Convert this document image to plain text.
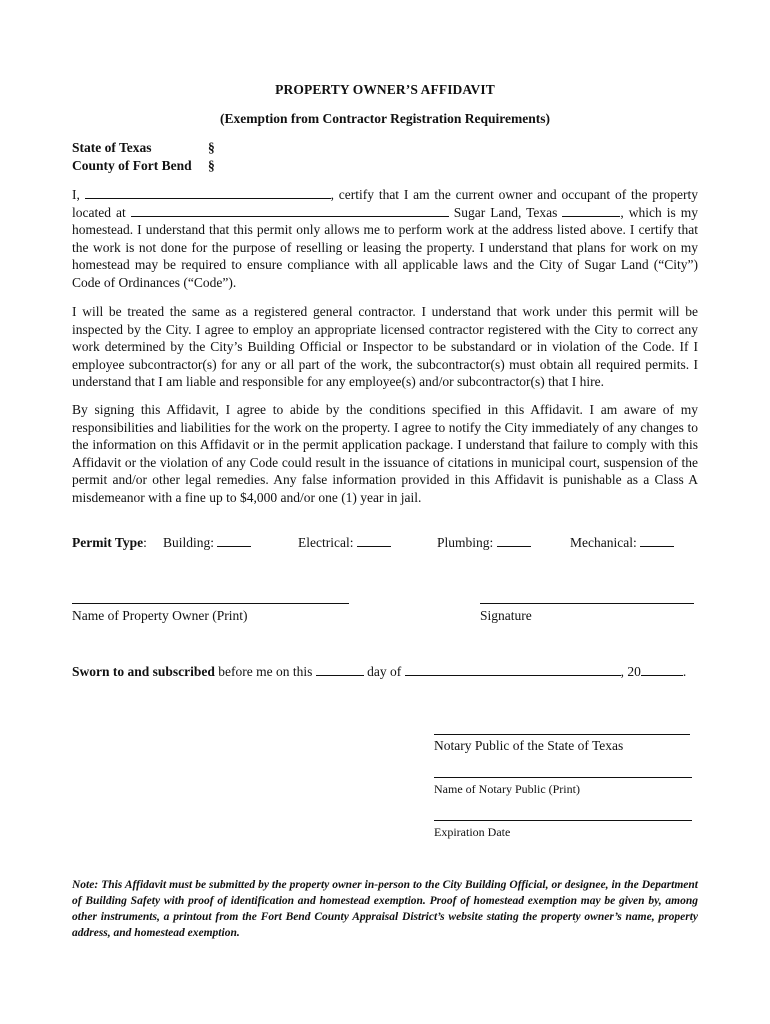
PROPERTY OWNER’S AFFIDAVIT
(Exemption from Contractor Registration Requirements)
State of Texas	§
County of Fort Bend §
I,	, certify that I am the current owner and occupant of the property located at	Sugar Land, Texas	, which is my homestead. I understand that this permit only allows me to perform work at the address listed above. I certify that the work is not done for the purpose of reselling or leasing the property. I understand that plans for work on my homestead may be required to ensure compliance with all applicable laws and the City of Sugar Land (“City”) Code of Ordinances (“Code”).
I will be treated the same as a registered general contractor. I understand that work under this permit will be inspected by the City. I agree to employ an appropriate licensed contractor registered with the City to correct any work determined by the City’s Building Official or Inspector to be substandard or in violation of the Code. If I employee subcontractor(s) for any or all part of the work, the subcontractor(s) must obtain all required permits. I understand that I am liable and responsible for any employee(s) and/or subcontractor(s) that I hire.
By signing this Affidavit, I agree to abide by the conditions specified in this Affidavit. I am aware of my responsibilities and liabilities for the work on the property. I agree to notify the City immediately of any changes to the information on this Affidavit or in the permit application package. I understand that failure to comply with this Affidavit or the violation of any Code could result in the issuance of citations in municipal court, suspension of the permit and/or other legal remedies. Any false information provided in this Affidavit is punishable as a Class A misdemeanor with a fine up to $4,000 and/or one (1) year in jail.
Permit Type: Building:	Electrical:	Plumbing:	Mechanical:
Name of Property Owner (Print)	Signature
Sworn to and subscribed before me on this	day of	, 20	.
Notary Public of the State of Texas
Name of Notary Public (Print)
Expiration Date
Note: This Affidavit must be submitted by the property owner in-person to the City Building Official, or designee, in the Department of Building Safety with proof of identification and homestead exemption. Proof of homestead exemption may be given by, among other instruments, a printout from the Fort Bend County Appraisal District’s website stating the property owner’s name, property address, and homestead exemption.
